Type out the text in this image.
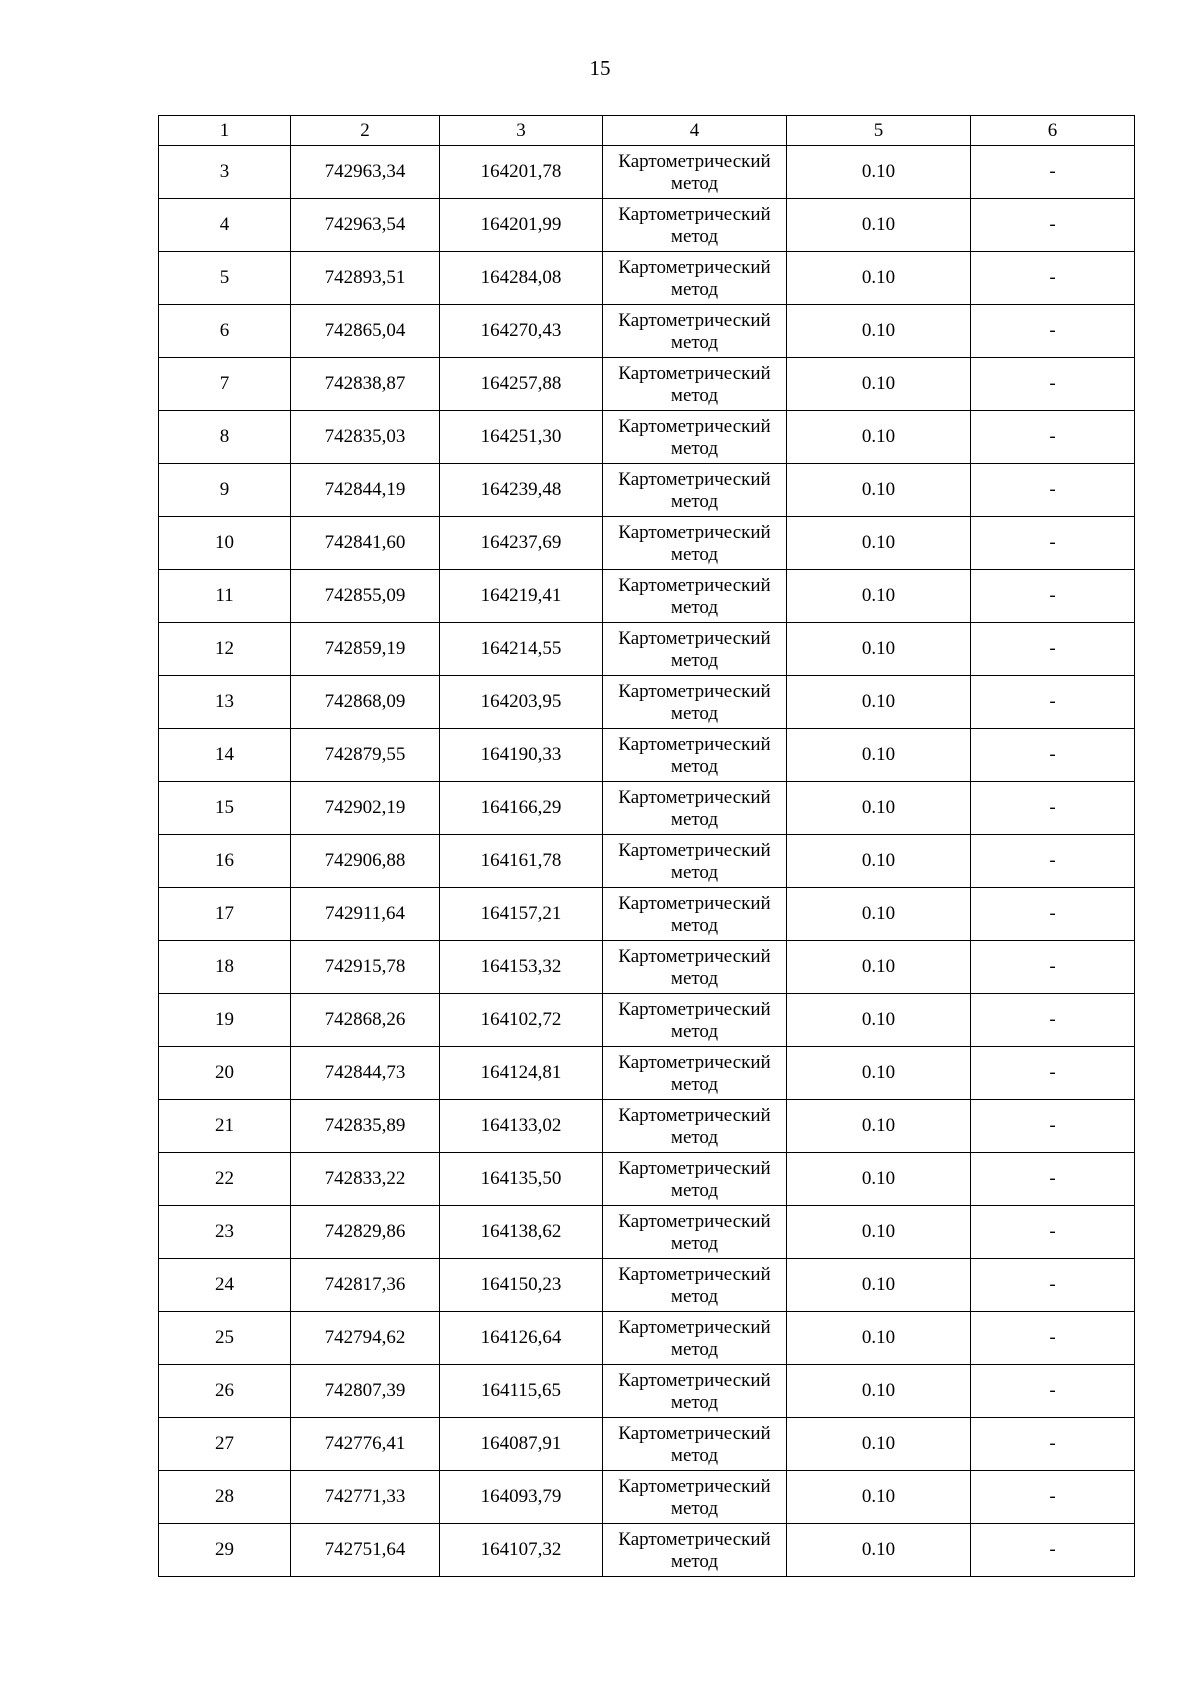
15
1	2	3	4	5	6
3	742963,34	164201,78	Картометрический метод	0.10	-
4	742963,54	164201,99	Картометрический метод	0.10	-
5	742893,51	164284,08	Картометрический метод	0.10	-
6	742865,04	164270,43	Картометрический метод	0.10	-
7	742838,87	164257,88	Картометрический метод	0.10	-
8	742835,03	164251,30	Картометрический метод	0.10	-
9	742844,19	164239,48	Картометрический метод	0.10	-
10	742841,60	164237,69	Картометрический метод	0.10	-
11	742855,09	164219,41	Картометрический метод	0.10	-
12	742859,19	164214,55	Картометрический метод	0.10	-
13	742868,09	164203,95	Картометрический метод	0.10	-
14	742879,55	164190,33	Картометрический метод	0.10	-
15	742902,19	164166,29	Картометрический метод	0.10	-
16	742906,88	164161,78	Картометрический метод	0.10	-
17	742911,64	164157,21	Картометрический метод	0.10	-
18	742915,78	164153,32	Картометрический метод	0.10	-
19	742868,26	164102,72	Картометрический метод	0.10	-
20	742844,73	164124,81	Картометрический метод	0.10	-
21	742835,89	164133,02	Картометрический метод	0.10	-
22	742833,22	164135,50	Картометрический метод	0.10	-
23	742829,86	164138,62	Картометрический метод	0.10	-
24	742817,36	164150,23	Картометрический метод	0.10	-
25	742794,62	164126,64	Картометрический метод	0.10	-
26	742807,39	164115,65	Картометрический метод	0.10	-
27	742776,41	164087,91	Картометрический метод	0.10	-
28	742771,33	164093,79	Картометрический метод	0.10	-
29	742751,64	164107,32	Картометрический метод	0.10	-
